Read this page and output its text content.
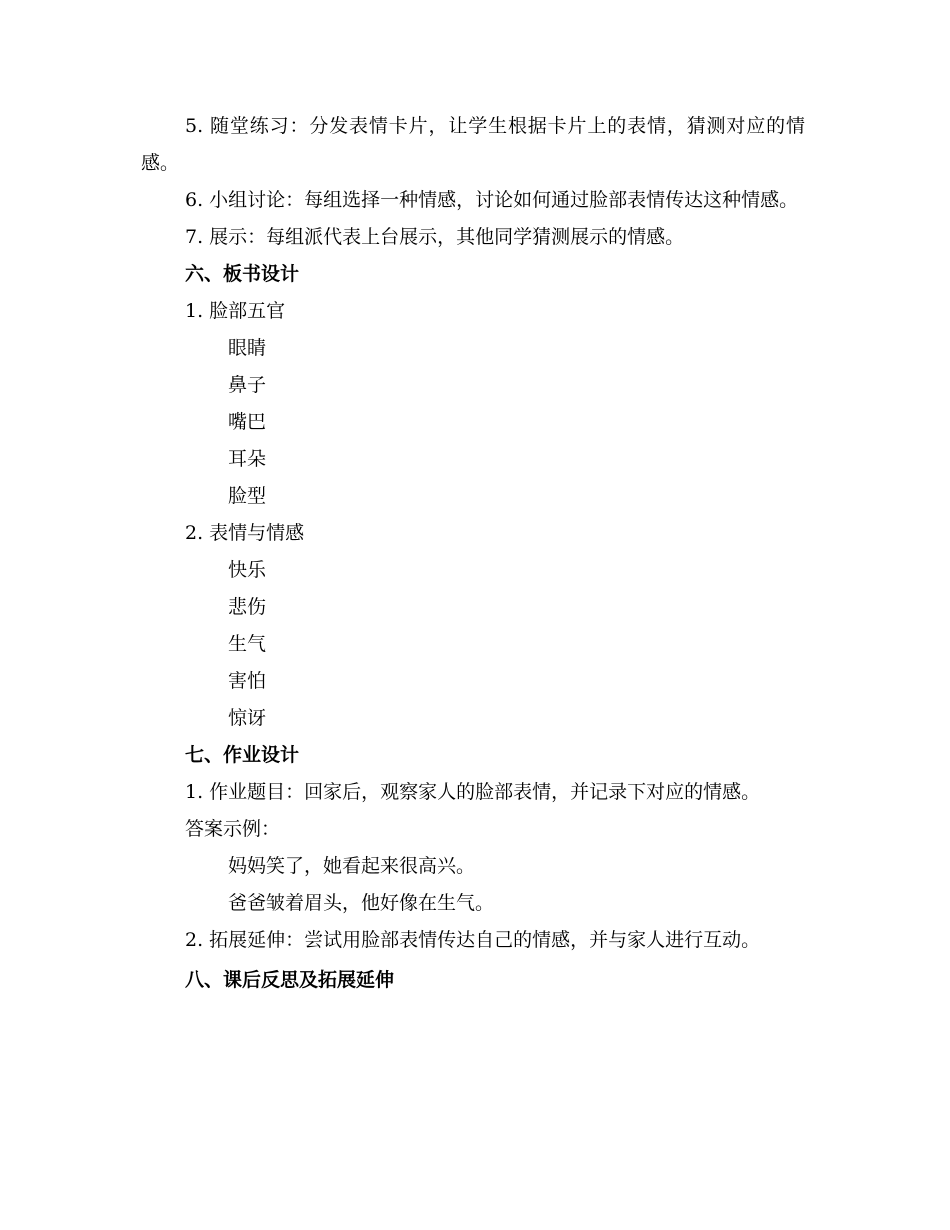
5. 随堂练习：分发表情卡片，让学生根据卡片上的表情，猜测对应的情感。

6. 小组讨论：每组选择一种情感，讨论如何通过脸部表情传达这种情感。

7. 展示：每组派代表上台展示，其他同学猜测展示的情感。

六、板书设计

1. 脸部五官

眼睛

鼻子

嘴巴

耳朵

脸型

2. 表情与情感

快乐

悲伤

生气

害怕

惊讶

七、作业设计

1. 作业题目：回家后，观察家人的脸部表情，并记录下对应的情感。

答案示例：

妈妈笑了，她看起来很高兴。

爸爸皱着眉头，他好像在生气。

2. 拓展延伸：尝试用脸部表情传达自己的情感，并与家人进行互动。

八、课后反思及拓展延伸
